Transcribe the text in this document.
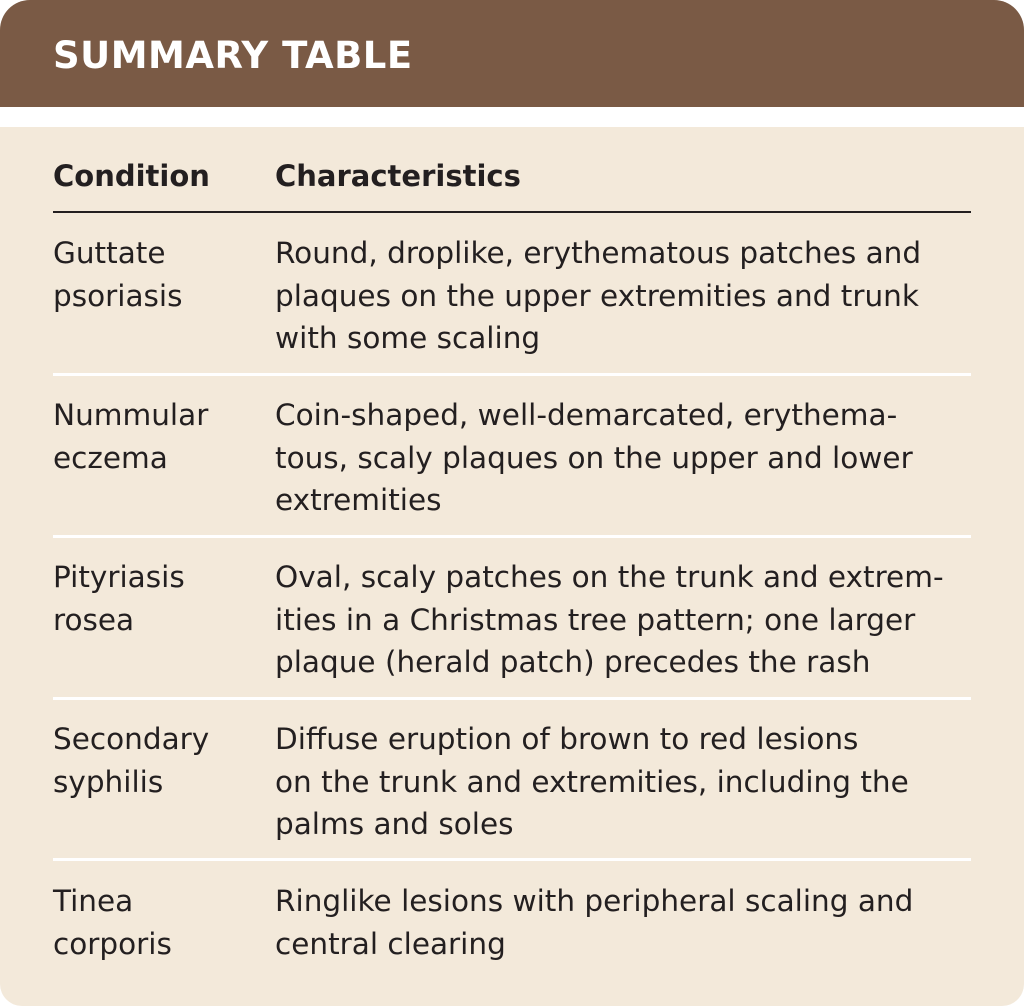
SUMMARY TABLE
Condition Characteristics

Guttate
psoriasis

Round, droplike, erythematous patches and
plaques on the upper extremities and trunk
with some scaling

Nummular
eczema

Coin-shaped, well-demarcated, erythema-
tous, scaly plaques on the upper and lower
extremities

Pityriasis
rosea

Oval, scaly patches on the trunk and extrem-
ities in a Christmas tree pattern; one larger
plaque (herald patch) precedes the rash

Secondary
syphilis

Diffuse eruption of brown to red lesions
on the trunk and extremities, including the
palms and soles

Tinea
corporis

Ringlike lesions with peripheral scaling and
central clearing
